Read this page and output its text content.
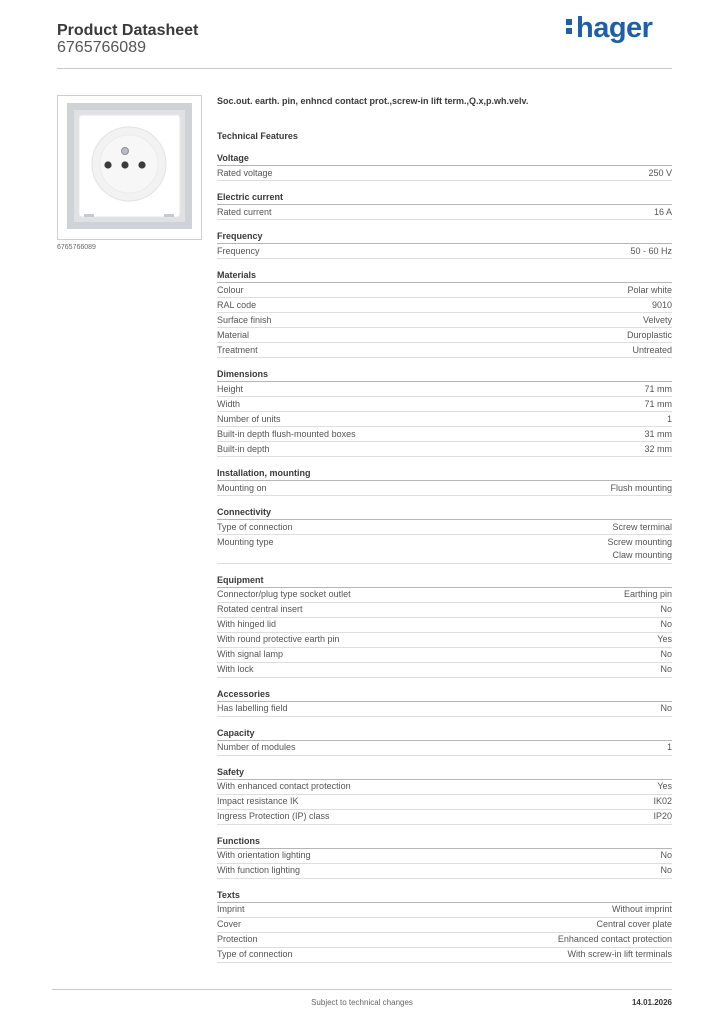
Product Datasheet
6765766089
hager
6765766089
Soc.out. earth. pin, enhncd contact prot.,screw-in lift term.,Q.x,p.wh.velv.
Technical Features
Voltage
Rated voltage	250 V
Electric current
Rated current	16 A
Frequency
Frequency	50 - 60 Hz
Materials
Colour	Polar white
RAL code	9010
Surface finish	Velvety
Material	Duroplastic
Treatment	Untreated
Dimensions
Height	71 mm
Width	71 mm
Number of units	1
Built-in depth flush-mounted boxes	31 mm
Built-in depth	32 mm
Installation, mounting
Mounting on	Flush mounting
Connectivity
Type of connection	Screw terminal
Mounting type	Screw mounting
Claw mounting
Equipment
Connector/plug type socket outlet	Earthing pin
Rotated central insert	No
With hinged lid	No
With round protective earth pin	Yes
With signal lamp	No
With lock	No
Accessories
Has labelling field	No
Capacity
Number of modules	1
Safety
With enhanced contact protection	Yes
Impact resistance IK	IK02
Ingress Protection (IP) class	IP20
Functions
With orientation lighting	No
With function lighting	No
Texts
Imprint	Without imprint
Cover	Central cover plate
Protection	Enhanced contact protection
Type of connection	With screw-in lift terminals
Subject to technical changes	14.01.2026
